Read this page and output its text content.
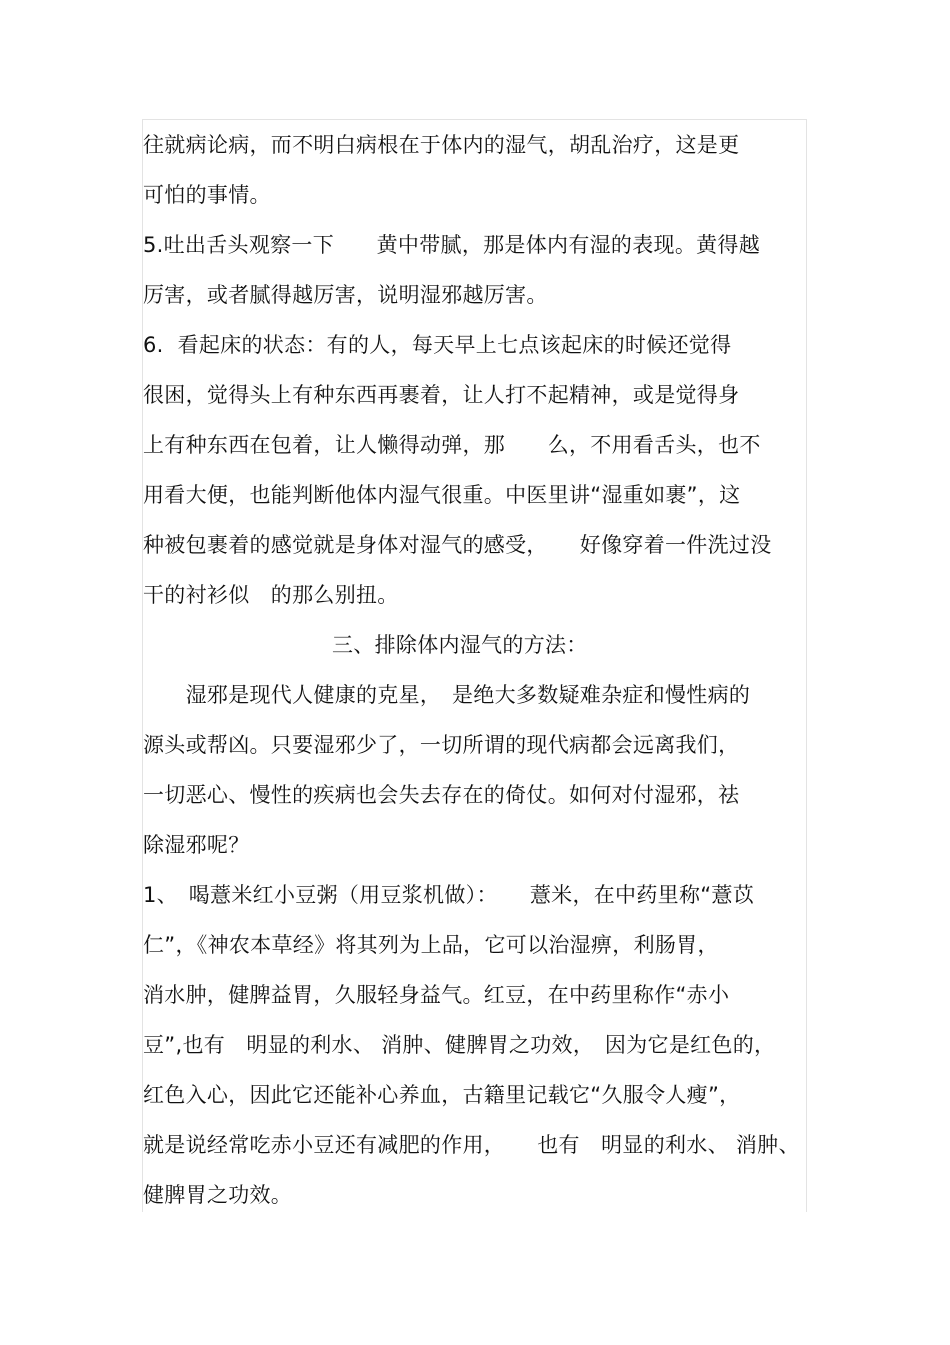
往就病论病，而不明白病根在于体内的湿气，胡乱治疗，这是更

可怕的事情。

5.吐出舌头观察一下　　黄中带腻，那是体内有湿的表现。黄得越

厉害，或者腻得越厉害，说明湿邪越厉害。

6.  看起床的状态：有的人，每天早上七点该起床的时候还觉得

很困，觉得头上有种东西再裹着，让人打不起精神，或是觉得身

上有种东西在包着，让人懒得动弹，那　　么，不用看舌头，也不

用看大便，也能判断他体内湿气很重。中医里讲“湿重如裹”，这

种被包裹着的感觉就是身体对湿气的感受，　　好像穿着一件洗过没

干的衬衫似　的那么别扭。

三、排除体内湿气的方法：

　　湿邪是现代人健康的克星，　是绝大多数疑难杂症和慢性病的

源头或帮凶。只要湿邪少了，一切所谓的现代病都会远离我们，

一切恶心、慢性的疾病也会失去存在的倚仗。如何对付湿邪，祛

除湿邪呢？

1、　喝薏米红小豆粥（用豆浆机做）：　　薏米，在中药里称“薏苡

仁”，《神农本草经》将其列为上品，它可以治湿痹，利肠胃，

消水肿，健脾益胃，久服轻身益气。红豆，在中药里称作“赤小

豆”,也有　明显的利水、 消肿、健脾胃之功效，　因为它是红色的，

红色入心，因此它还能补心养血，古籍里记载它“久服令人瘦”，

就是说经常吃赤小豆还有减肥的作用，　　也有　明显的利水、 消肿、

健脾胃之功效。
